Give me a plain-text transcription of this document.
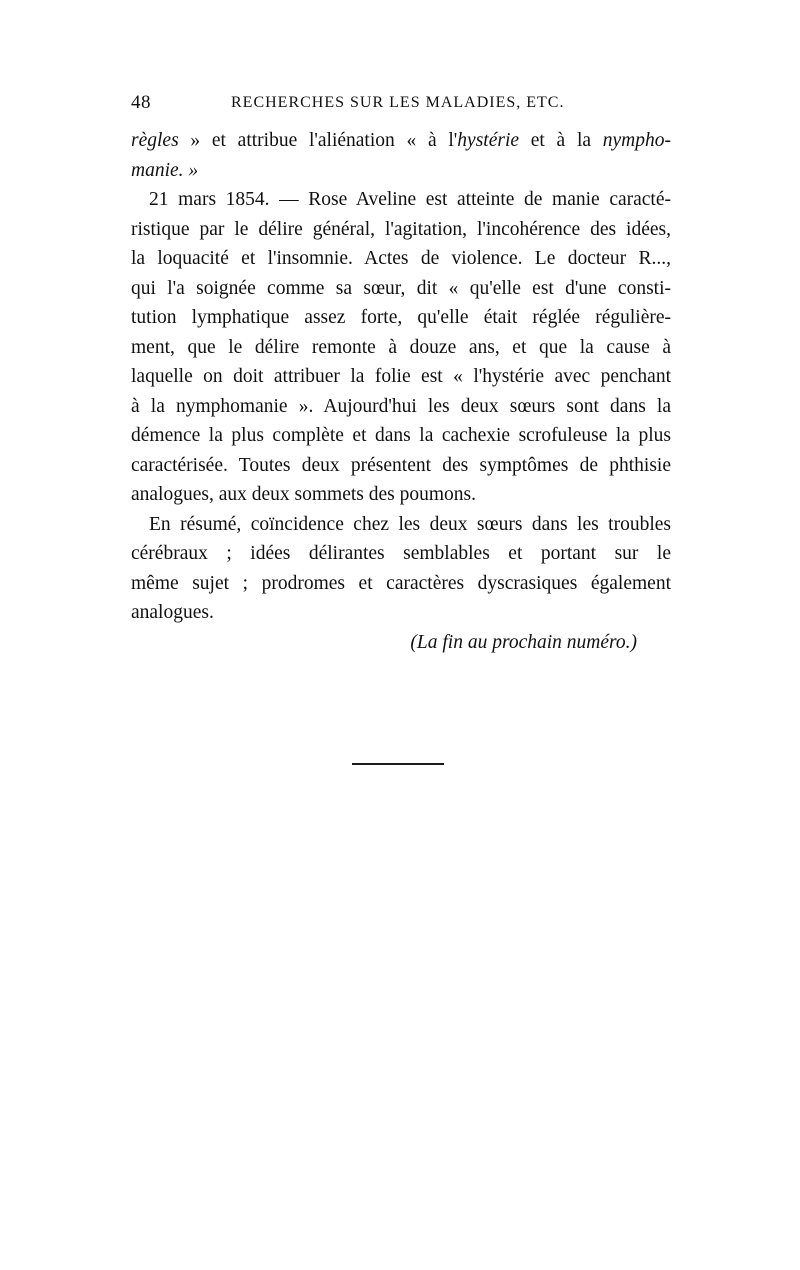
48	RECHERCHES SUR LES MALADIES, ETC.
règles » et attribue l'aliénation « à l'hystérie et à la nympho-
manie. »
21 mars 1854. — Rose Aveline est atteinte de manie caracté-
ristique par le délire général, l'agitation, l'incohérence des idées,
la loquacité et l'insomnie. Actes de violence. Le docteur R...,
qui l'a soignée comme sa sœur, dit « qu'elle est d'une consti-
tution lymphatique assez forte, qu'elle était réglée régulière-
ment, que le délire remonte à douze ans, et que la cause à
laquelle on doit attribuer la folie est « l'hystérie avec penchant
à la nymphomanie ». Aujourd'hui les deux sœurs sont dans la
démence la plus complète et dans la cachexie scrofuleuse la plus
caractérisée. Toutes deux présentent des symptômes de phthisie
analogues, aux deux sommets des poumons.
En résumé, coïncidence chez les deux sœurs dans les troubles
cérébraux ; idées délirantes semblables et portant sur le
même sujet ; prodromes et caractères dyscrasiques également
analogues.
(La fin au prochain numéro.)
